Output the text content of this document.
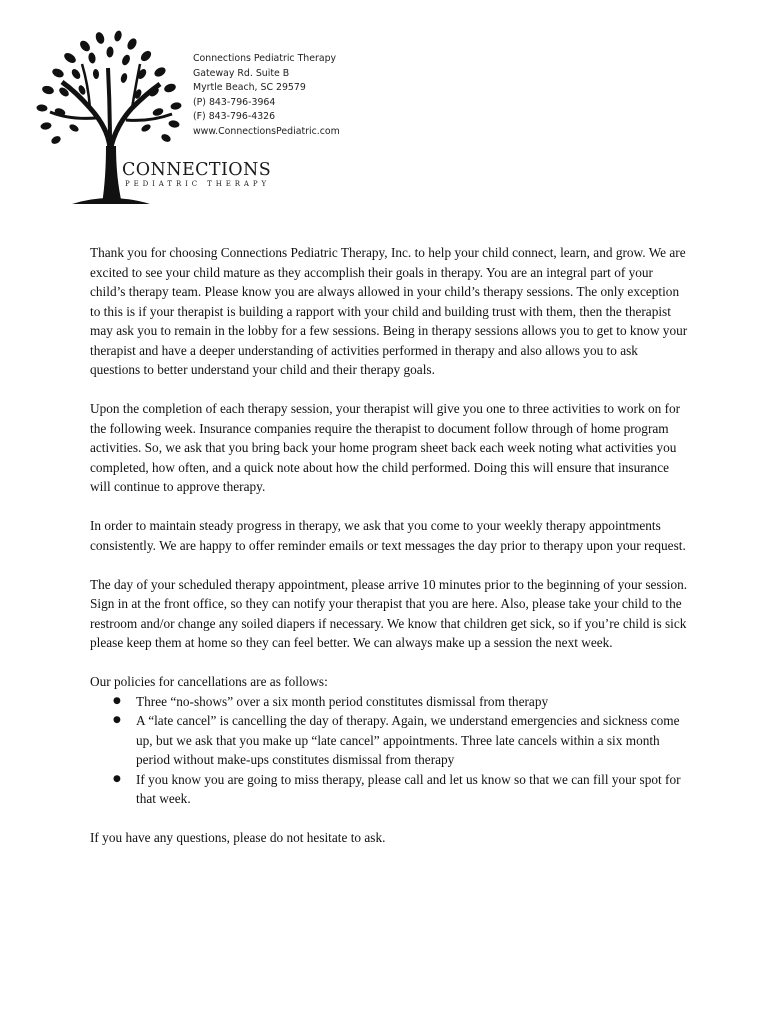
Connections Pediatric Therapy
Gateway Rd. Suite B
Myrtle Beach, SC 29579
(P) 843-796-3964
(F) 843-796-4326
www.ConnectionsPediatric.com
CONNECTIONS
PEDIATRIC THERAPY

Thank you for choosing Connections Pediatric Therapy, Inc. to help your child connect, learn, and grow. We are excited to see your child mature as they accomplish their goals in therapy. You are an integral part of your child’s therapy team. Please know you are always allowed in your child’s therapy sessions. The only exception to this is if your therapist is building a rapport with your child and building trust with them, then the therapist may ask you to remain in the lobby for a few sessions. Being in therapy sessions allows you to get to know your therapist and have a deeper understanding of activities performed in therapy and also allows you to ask questions to better understand your child and their therapy goals.

Upon the completion of each therapy session, your therapist will give you one to three activities to work on for the following week. Insurance companies require the therapist to document follow through of home program activities. So, we ask that you bring back your home program sheet back each week noting what activities you completed, how often, and a quick note about how the child performed. Doing this will ensure that insurance will continue to approve therapy.

In order to maintain steady progress in therapy, we ask that you come to your weekly therapy appointments consistently. We are happy to offer reminder emails or text messages the day prior to therapy upon your request.

The day of your scheduled therapy appointment, please arrive 10 minutes prior to the beginning of your session. Sign in at the front office, so they can notify your therapist that you are here. Also, please take your child to the restroom and/or change any soiled diapers if necessary. We know that children get sick, so if you’re child is sick please keep them at home so they can feel better. We can always make up a session the next week.

Our policies for cancellations are as follows:

● Three “no-shows” over a six month period constitutes dismissal from therapy
● A “late cancel” is cancelling the day of therapy. Again, we understand emergencies and sickness come up, but we ask that you make up “late cancel” appointments. Three late cancels within a six month period without make-ups constitutes dismissal from therapy
● If you know you are going to miss therapy, please call and let us know so that we can fill your spot for that week.

If you have any questions, please do not hesitate to ask.
